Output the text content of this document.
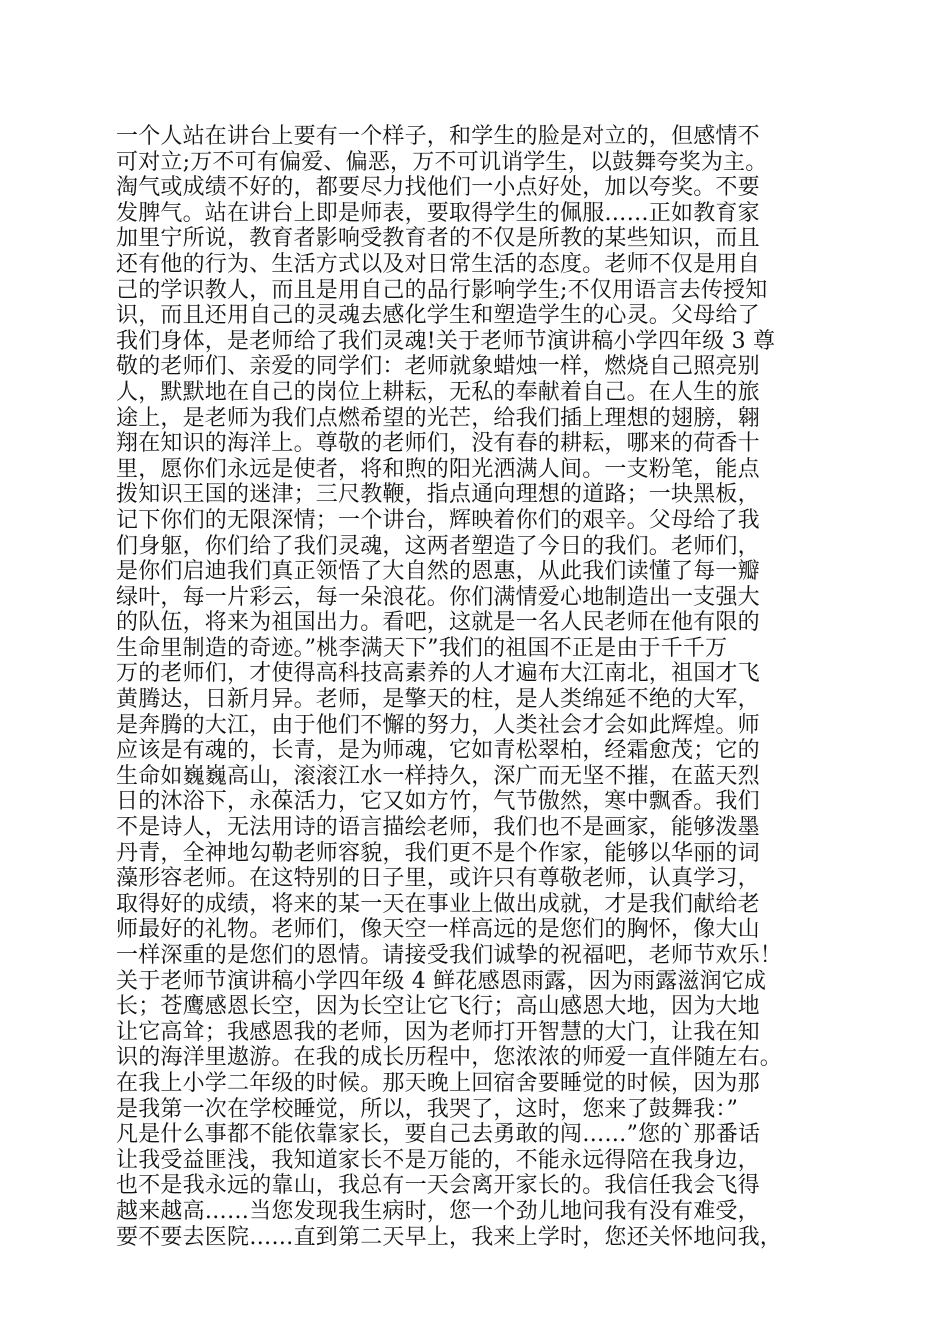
一个人站在讲台上要有一个样子，和学生的脸是对立的，但感情不
可对立;万不可有偏爱、偏恶，万不可讥诮学生，以鼓舞夸奖为主。
淘气或成绩不好的，都要尽力找他们一小点好处，加以夸奖。不要
发脾气。站在讲台上即是师表，要取得学生的佩服……正如教育家
加里宁所说，教育者影响受教育者的不仅是所教的某些知识，而且
还有他的行为、生活方式以及对日常生活的态度。老师不仅是用自
己的学识教人，而且是用自己的品行影响学生;不仅用语言去传授知
识，而且还用自己的灵魂去感化学生和塑造学生的心灵。父母给了
我们身体，是老师给了我们灵魂!关于老师节演讲稿小学四年级 3 尊
敬的老师们、亲爱的同学们：老师就象蜡烛一样，燃烧自己照亮别
人，默默地在自己的岗位上耕耘，无私的奉献着自己。在人生的旅
途上，是老师为我们点燃希望的光芒，给我们插上理想的翅膀，翱
翔在知识的海洋上。尊敬的老师们，没有春的耕耘，哪来的荷香十
里，愿你们永远是使者，将和煦的阳光洒满人间。一支粉笔，能点
拨知识王国的迷津；三尺教鞭，指点通向理想的道路；一块黑板，
记下你们的无限深情；一个讲台，辉映着你们的艰辛。父母给了我
们身躯，你们给了我们灵魂，这两者塑造了今日的我们。老师们，
是你们启迪我们真正领悟了大自然的恩惠，从此我们读懂了每一瓣
绿叶，每一片彩云，每一朵浪花。你们满情爱心地制造出一支强大
的队伍，将来为祖国出力。看吧，这就是一名人民老师在他有限的
生命里制造的奇迹。”桃李满天下”我们的祖国不正是由于千千万
万的老师们，才使得高科技高素养的人才遍布大江南北，祖国才飞
黄腾达，日新月异。老师，是擎天的柱，是人类绵延不绝的大军，
是奔腾的大江，由于他们不懈的努力，人类社会才会如此辉煌。师
应该是有魂的，长青，是为师魂，它如青松翠柏，经霜愈茂；它的
生命如巍巍高山，滚滚江水一样持久，深广而无坚不摧，在蓝天烈
日的沐浴下，永葆活力，它又如方竹，气节傲然，寒中飘香。我们
不是诗人，无法用诗的语言描绘老师，我们也不是画家，能够泼墨
丹青，全神地勾勒老师容貌，我们更不是个作家，能够以华丽的词
藻形容老师。在这特别的日子里，或许只有尊敬老师，认真学习，
取得好的成绩，将来的某一天在事业上做出成就，才是我们献给老
师最好的礼物。老师们，像天空一样高远的是您们的胸怀，像大山
一样深重的是您们的恩情。请接受我们诚挚的祝福吧，老师节欢乐！
关于老师节演讲稿小学四年级 4 鲜花感恩雨露，因为雨露滋润它成
长；苍鹰感恩长空，因为长空让它飞行；高山感恩大地，因为大地
让它高耸；我感恩我的老师，因为老师打开智慧的大门，让我在知
识的海洋里遨游。在我的成长历程中，您浓浓的师爱一直伴随左右。
在我上小学二年级的时候。那天晚上回宿舍要睡觉的时候，因为那
是我第一次在学校睡觉，所以，我哭了，这时，您来了鼓舞我：”
凡是什么事都不能依靠家长，要自己去勇敢的闯……”您的`那番话
让我受益匪浅，我知道家长不是万能的，不能永远得陪在我身边，
也不是我永远的靠山，我总有一天会离开家长的。我信任我会飞得
越来越高……当您发现我生病时，您一个劲儿地问我有没有难受，
要不要去医院……直到第二天早上，我来上学时，您还关怀地问我，
